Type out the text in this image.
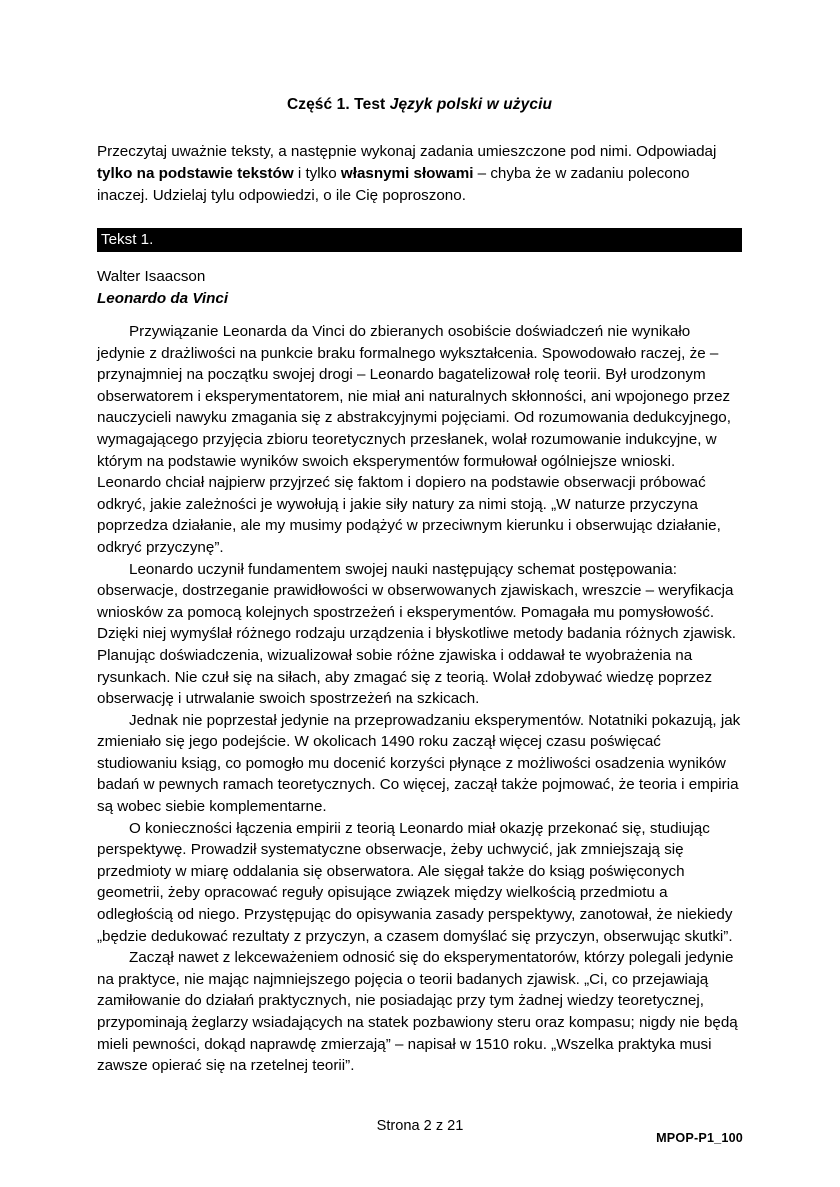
Część 1. Test Język polski w użyciu

Przeczytaj uważnie teksty, a następnie wykonaj zadania umieszczone pod nimi. Odpowiadaj tylko na podstawie tekstów i tylko własnymi słowami – chyba że w zadaniu polecono inaczej. Udzielaj tylu odpowiedzi, o ile Cię poproszono.

Tekst 1.
Walter Isaacson
Leonardo da Vinci

Przywiązanie Leonarda da Vinci do zbieranych osobiście doświadczeń nie wynikało jedynie z drażliwości na punkcie braku formalnego wykształcenia. Spowodowało raczej, że – przynajmniej na początku swojej drogi – Leonardo bagatelizował rolę teorii. Był urodzonym obserwatorem i eksperymentatorem, nie miał ani naturalnych skłonności, ani wpojonego przez nauczycieli nawyku zmagania się z abstrakcyjnymi pojęciami. Od rozumowania dedukcyjnego, wymagającego przyjęcia zbioru teoretycznych przesłanek, wolał rozumowanie indukcyjne, w którym na podstawie wyników swoich eksperymentów formułował ogólniejsze wnioski. Leonardo chciał najpierw przyjrzeć się faktom i dopiero na podstawie obserwacji próbować odkryć, jakie zależności je wywołują i jakie siły natury za nimi stoją. „W naturze przyczyna poprzedza działanie, ale my musimy podążyć w przeciwnym kierunku i obserwując działanie, odkryć przyczynę”.

Leonardo uczynił fundamentem swojej nauki następujący schemat postępowania: obserwacje, dostrzeganie prawidłowości w obserwowanych zjawiskach, wreszcie – weryfikacja wniosków za pomocą kolejnych spostrzeżeń i eksperymentów. Pomagała mu pomysłowość. Dzięki niej wymyślał różnego rodzaju urządzenia i błyskotliwe metody badania różnych zjawisk. Planując doświadczenia, wizualizował sobie różne zjawiska i oddawał te wyobrażenia na rysunkach. Nie czuł się na siłach, aby zmagać się z teorią. Wolał zdobywać wiedzę poprzez obserwację i utrwalanie swoich spostrzeżeń na szkicach.

Jednak nie poprzestał jedynie na przeprowadzaniu eksperymentów. Notatniki pokazują, jak zmieniało się jego podejście. W okolicach 1490 roku zaczął więcej czasu poświęcać studiowaniu ksiąg, co pomogło mu docenić korzyści płynące z możliwości osadzenia wyników badań w pewnych ramach teoretycznych. Co więcej, zaczął także pojmować, że teoria i empiria są wobec siebie komplementarne.

O konieczności łączenia empirii z teorią Leonardo miał okazję przekonać się, studiując perspektywę. Prowadził systematyczne obserwacje, żeby uchwycić, jak zmniejszają się przedmioty w miarę oddalania się obserwatora. Ale sięgał także do ksiąg poświęconych geometrii, żeby opracować reguły opisujące związek między wielkością przedmiotu a odległością od niego. Przystępując do opisywania zasady perspektywy, zanotował, że niekiedy „będzie dedukować rezultaty z przyczyn, a czasem domyślać się przyczyn, obserwując skutki”.

Zaczął nawet z lekceważeniem odnosić się do eksperymentatorów, którzy polegali jedynie na praktyce, nie mając najmniejszego pojęcia o teorii badanych zjawisk. „Ci, co przejawiają zamiłowanie do działań praktycznych, nie posiadając przy tym żadnej wiedzy teoretycznej, przypominają żeglarzy wsiadających na statek pozbawiony steru oraz kompasu; nigdy nie będą mieli pewności, dokąd naprawdę zmierzają” – napisał w 1510 roku. „Wszelka praktyka musi zawsze opierać się na rzetelnej teorii”.

Strona 2 z 21
MPOP-P1_100
